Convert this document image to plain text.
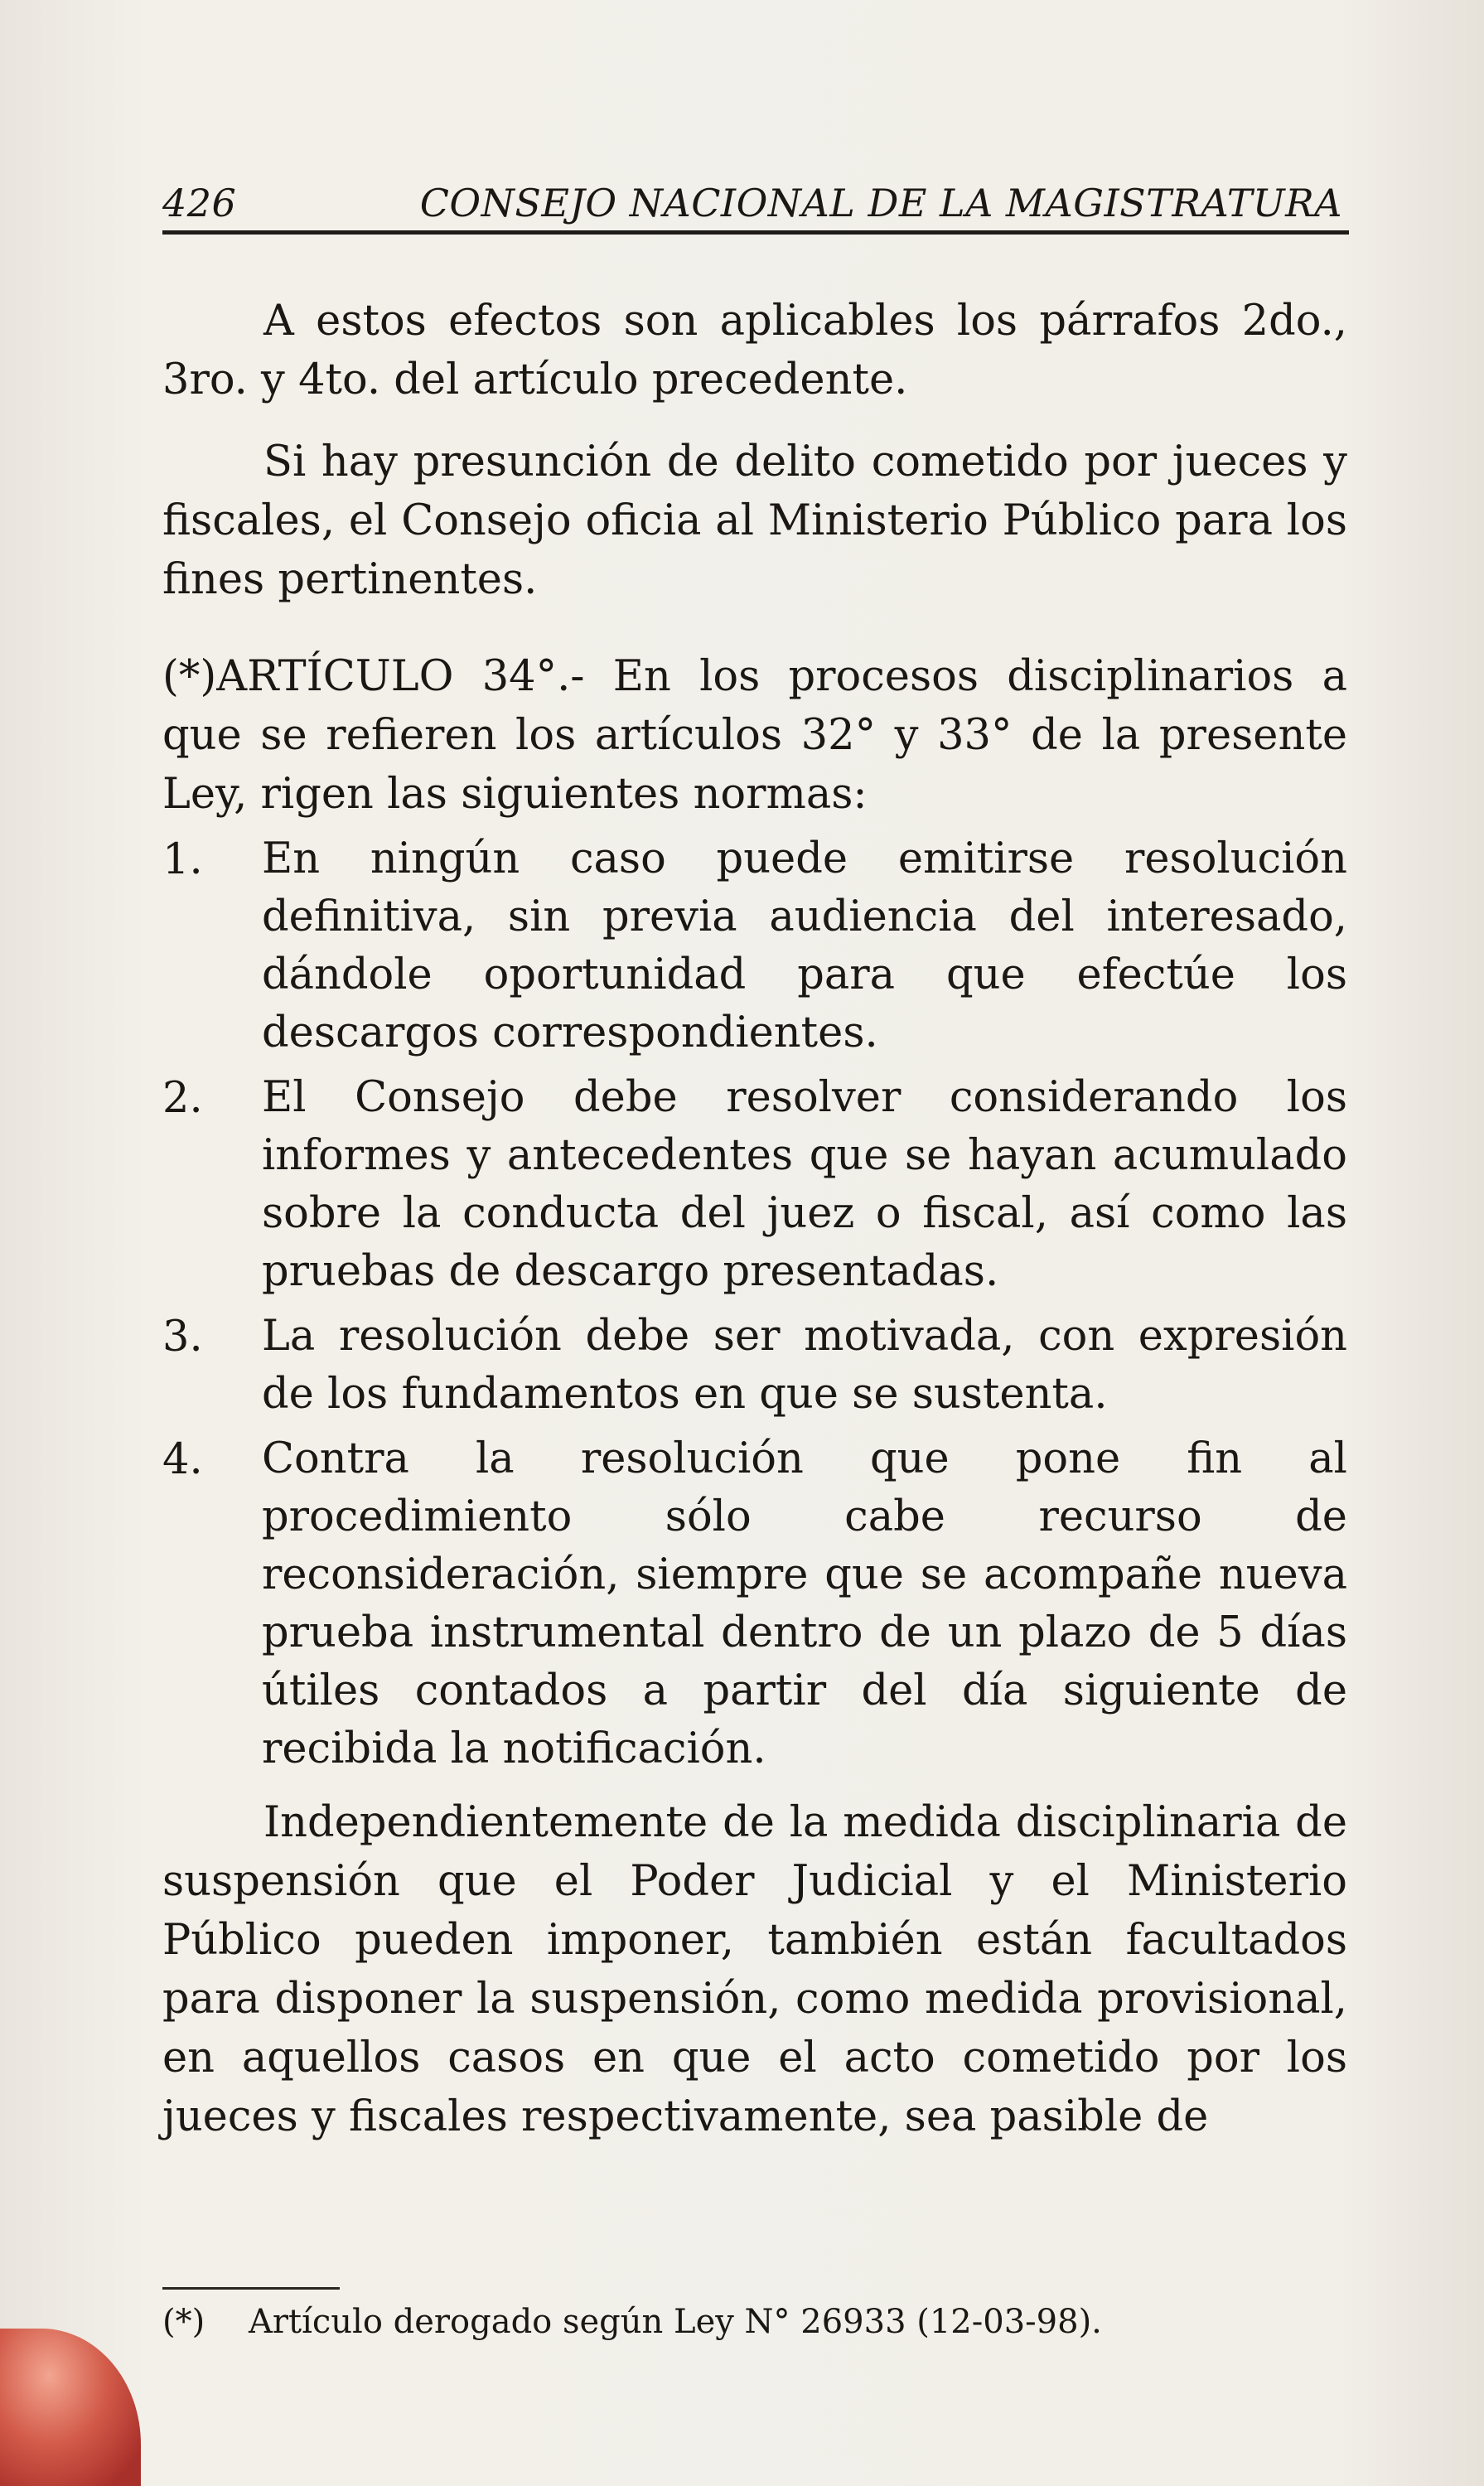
426	CONSEJO NACIONAL DE LA MAGISTRATURA

A estos efectos son aplicables los párrafos 2do., 3ro. y 4to. del artículo precedente.

Si hay presunción de delito cometido por jueces y fiscales, el Consejo oficia al Ministerio Público para los fines pertinentes.

(*)ARTÍCULO 34°.- En los procesos disciplinarios a que se refieren los artículos 32° y 33° de la presente Ley, rigen las siguientes normas:

1.	En ningún caso puede emitirse resolución definitiva, sin previa audiencia del interesado, dándole oportunidad para que efectúe los descargos correspondientes.
2.	El Consejo debe resolver considerando los informes y antecedentes que se hayan acumulado sobre la conducta del juez o fiscal, así como las pruebas de descargo presentadas.
3.	La resolución debe ser motivada, con expresión de los fundamentos en que se sustenta.
4.	Contra la resolución que pone fin al procedimiento sólo cabe recurso de reconsideración, siempre que se acompañe nueva prueba instrumental dentro de un plazo de 5 días útiles contados a partir del día siguiente de recibida la notificación.

Independientemente de la medida disciplinaria de suspensión que el Poder Judicial y el Ministerio Público pueden imponer, también están facultados para disponer la suspensión, como medida provisional, en aquellos casos en que el acto cometido por los jueces y fiscales respectivamente, sea pasible de

(*)	Artículo derogado según Ley N° 26933 (12-03-98).
